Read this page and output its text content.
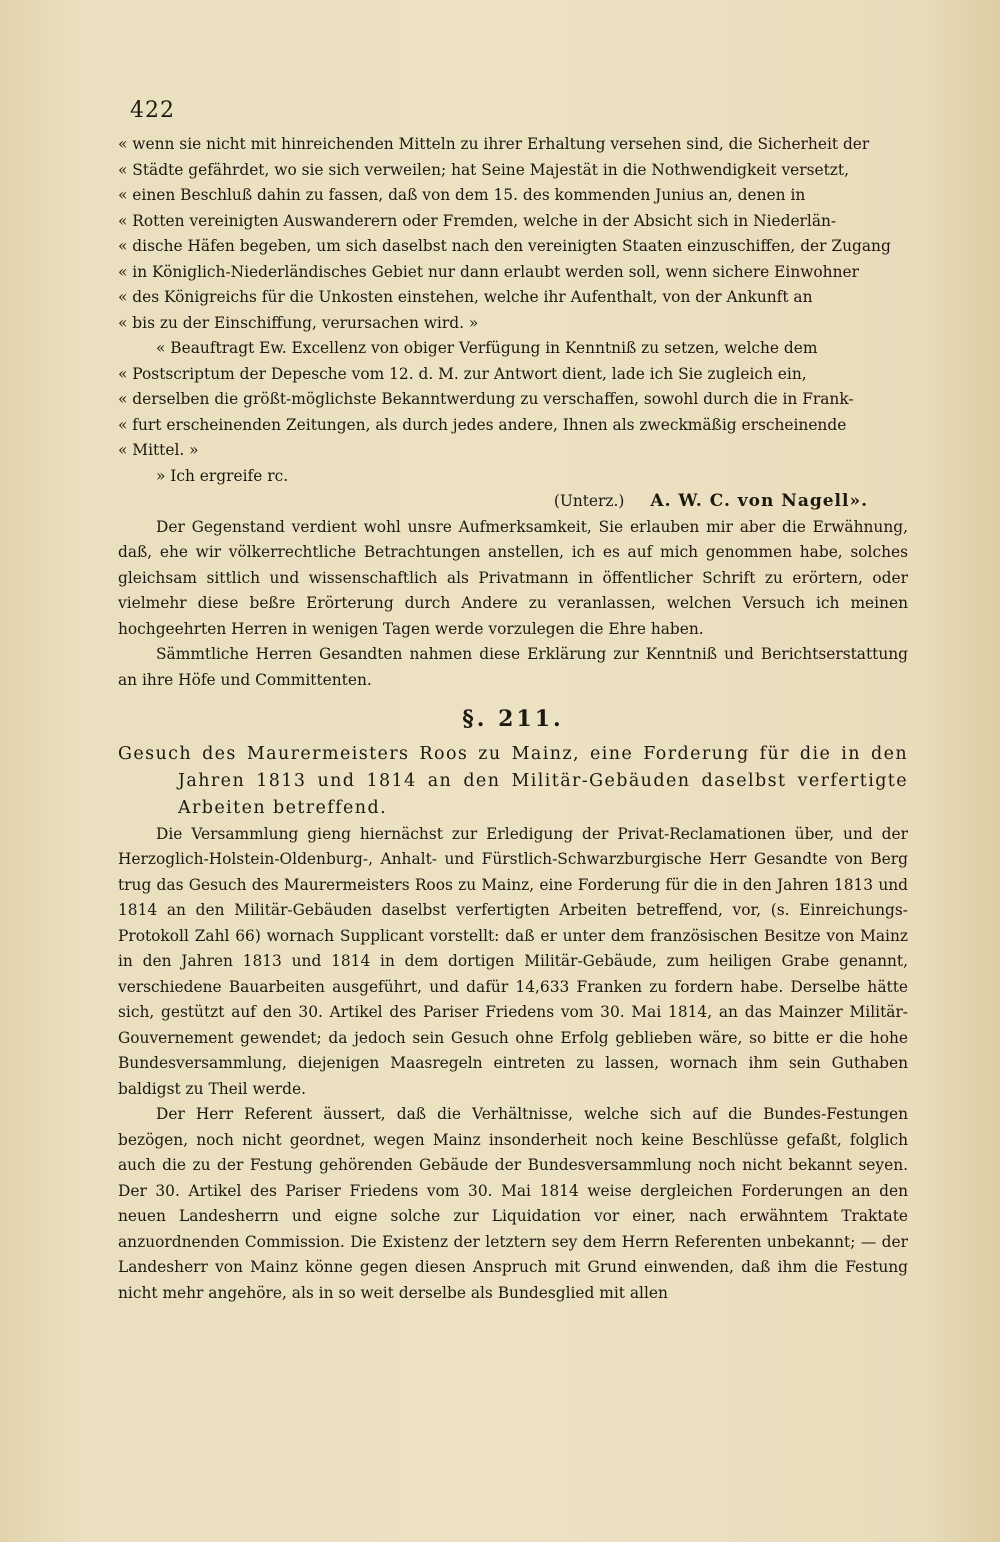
422

« wenn sie nicht mit hinreichenden Mitteln zu ihrer Erhaltung versehen sind, die Sicherheit der

« Städte gefährdet, wo sie sich verweilen; hat Seine Majestät in die Nothwendigkeit versetzt,

« einen Beschluß dahin zu fassen, daß von dem 15. des kommenden Junius an, denen in

« Rotten vereinigten Auswanderern oder Fremden, welche in der Absicht sich in Niederlän-

« dische Häfen begeben, um sich daselbst nach den vereinigten Staaten einzuschiffen, der Zugang

« in Königlich-Niederländisches Gebiet nur dann erlaubt werden soll, wenn sichere Einwohner

« des Königreichs für die Unkosten einstehen, welche ihr Aufenthalt, von der Ankunft an

« bis zu der Einschiffung, verursachen wird. »

« Beauftragt Ew. Excellenz von obiger Verfügung in Kenntniß zu setzen, welche dem

« Postscriptum der Depesche vom 12. d. M. zur Antwort dient, lade ich Sie zugleich ein,

« derselben die größt-möglichste Bekanntwerdung zu verschaffen, sowohl durch die in Frank-

« furt erscheinenden Zeitungen, als durch jedes andere, Ihnen als zweckmäßig erscheinende

« Mittel. »

» Ich ergreife rc.

(Unterz.) A. W. C. von Nagell».

Der Gegenstand verdient wohl unsre Aufmerksamkeit, Sie erlauben mir aber die Erwähnung, daß, ehe wir völkerrechtliche Betrachtungen anstellen, ich es auf mich genommen habe, solches gleichsam sittlich und wissenschaftlich als Privatmann in öffentlicher Schrift zu erörtern, oder vielmehr diese beßre Erörterung durch Andere zu veranlassen, welchen Versuch ich meinen hochgeehrten Herren in wenigen Tagen werde vorzulegen die Ehre haben.

Sämmtliche Herren Gesandten nahmen diese Erklärung zur Kenntniß und Berichtserstattung an ihre Höfe und Committenten.

§. 211.

Gesuch des Maurermeisters Roos zu Mainz, eine Forderung für die in den Jahren 1813 und 1814 an den Militär-Gebäuden daselbst verfertigte Arbeiten betreffend.

Die Versammlung gieng hiernächst zur Erledigung der Privat-Reclamationen über, und der Herzoglich-Holstein-Oldenburg-, Anhalt- und Fürstlich-Schwarzburgische Herr Gesandte von Berg trug das Gesuch des Maurermeisters Roos zu Mainz, eine Forderung für die in den Jahren 1813 und 1814 an den Militär-Gebäuden daselbst verfertigten Arbeiten betreffend, vor, (s. Einreichungs-Protokoll Zahl 66) wornach Supplicant vorstellt: daß er unter dem französischen Besitze von Mainz in den Jahren 1813 und 1814 in dem dortigen Militär-Gebäude, zum heiligen Grabe genannt, verschiedene Bauarbeiten ausgeführt, und dafür 14,633 Franken zu fordern habe. Derselbe hätte sich, gestützt auf den 30. Artikel des Pariser Friedens vom 30. Mai 1814, an das Mainzer Militär-Gouvernement gewendet; da jedoch sein Gesuch ohne Erfolg geblieben wäre, so bitte er die hohe Bundesversammlung, diejenigen Maasregeln eintreten zu lassen, wornach ihm sein Guthaben baldigst zu Theil werde.

Der Herr Referent äussert, daß die Verhältnisse, welche sich auf die Bundes-Festungen bezögen, noch nicht geordnet, wegen Mainz insonderheit noch keine Beschlüsse gefaßt, folglich auch die zu der Festung gehörenden Gebäude der Bundesversammlung noch nicht bekannt seyen. Der 30. Artikel des Pariser Friedens vom 30. Mai 1814 weise dergleichen Forderungen an den neuen Landesherrn und eigne solche zur Liquidation vor einer, nach erwähntem Traktate anzuordnenden Commission. Die Existenz der letztern sey dem Herrn Referenten unbekannt; — der Landesherr von Mainz könne gegen diesen Anspruch mit Grund einwenden, daß ihm die Festung nicht mehr angehöre, als in so weit derselbe als Bundesglied mit allen
